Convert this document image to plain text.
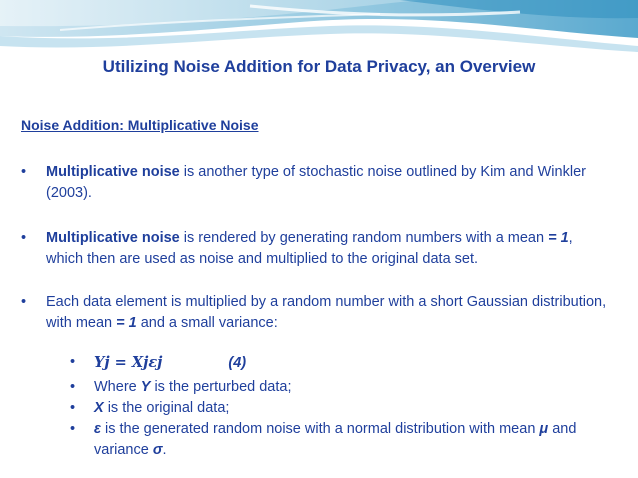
Utilizing Noise Addition for Data Privacy, an Overview
Noise Addition: Multiplicative Noise
• Multiplicative noise is another type of stochastic noise outlined by Kim and Winkler (2003).
• Multiplicative noise is rendered by generating random numbers with a mean = 1, which then are used as noise and multiplied to the original data set.
• Each data element is multiplied by a random number with a short Gaussian distribution, with mean = 1 and a small variance:
• Yj = Xjεj	(4)
• Where Y is the perturbed data;
• X is the original data;
• ε is the generated random noise with a normal distribution with mean μ and variance σ.
